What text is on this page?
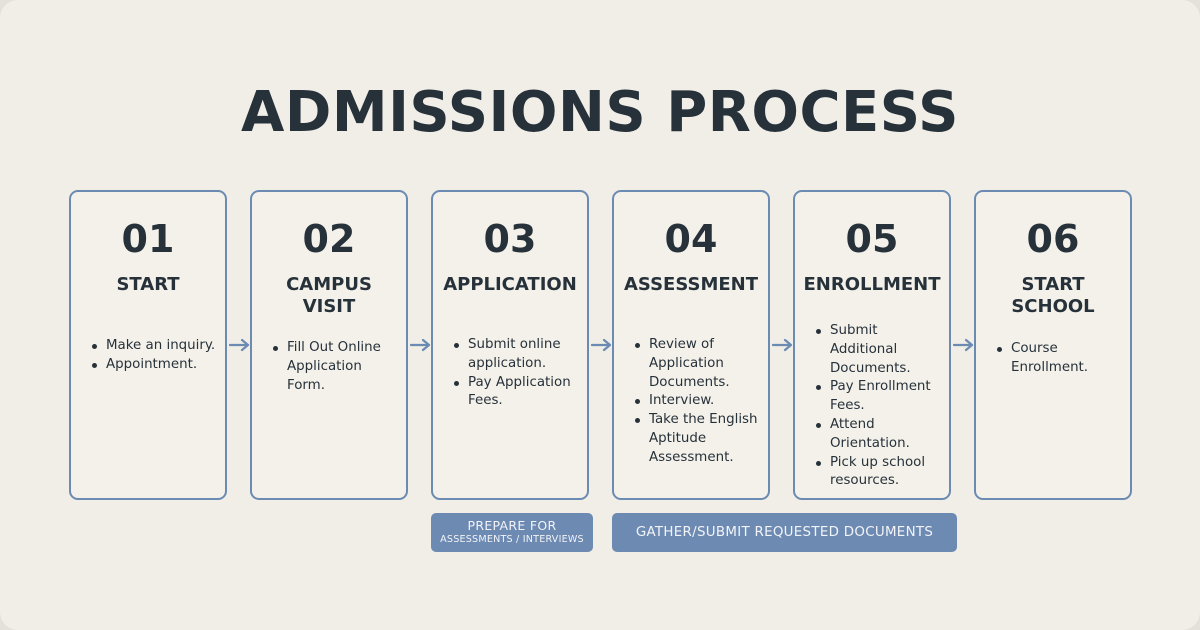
ADMISSIONS PROCESS
01
START
Make an inquiry.
Appointment.
02
CAMPUS
VISIT
Fill Out Online Application Form.
03
APPLICATION
Submit online application.
Pay Application Fees.
04
ASSESSMENT
Review of Application Documents.
Interview.
Take the English Aptitude Assessment.
05
ENROLLMENT
Submit Additional Documents.
Pay Enrollment Fees.
Attend Orientation.
Pick up school resources.
06
START
SCHOOL
Course Enrollment.
PREPARE FOR
ASSESSMENTS / INTERVIEWS	GATHER/SUBMIT REQUESTED DOCUMENTS
